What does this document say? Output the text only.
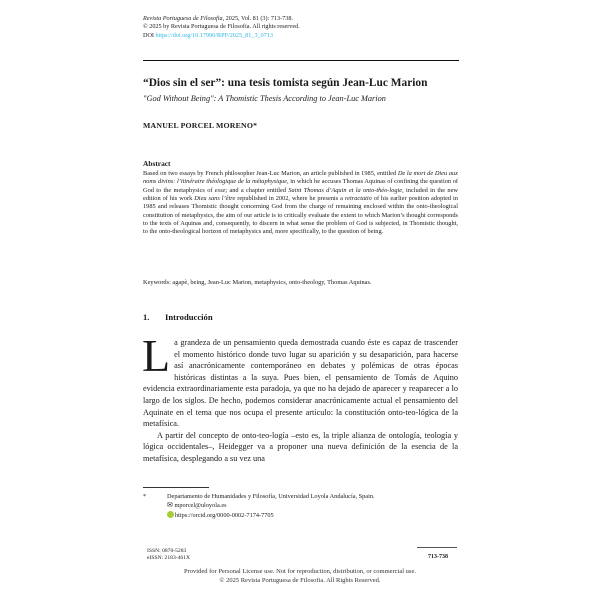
Revista Portuguesa de Filosofia, 2025, Vol. 81 (3): 713-738.
© 2025 by Revista Portuguesa de Filosofia. All rights reserved.
DOI https://doi.org/10.17990/RPF/2025_81_3_0713
“Dios sin el ser”: una tesis tomista según Jean-Luc Marion
"God Without Being": A Thomistic Thesis According to Jean-Luc Marion
MANUEL PORCEL MORENO*
Abstract
Based on two essays by French philosopher Jean-Luc Marion, an article published in 1985, entitled De la mort de Dieu aux noms divins: l’itinéraire théologique de la métaphysique, in which he accuses Thomas Aquinas of confining the question of God to the metaphysics of esse; and a chapter entitled Saint Thomas d’Aquin et la onto-théo-logie, included in the new edition of his work Dieu sans l’être republished in 2002, where he presents a retractatio of his earlier position adopted in 1985 and releases Thomistic thought concerning God from the charge of remaining enclosed within the onto-theological constitution of metaphysics, the aim of our article is to critically evaluate the extent to which Marion’s thought corresponds to the texts of Aquinas and, consequently, to discern in what sense the problem of God is subjected, in Thomistic thought, to the onto-theological horizon of metaphysics and, more specifically, to the question of being.
Keywords: agapè, being, Jean-Luc Marion, metaphysics, onto-theology, Thomas Aquinas.
1. Introducción

La grandeza de un pensamiento queda demostrada cuando éste es capaz de trascender el momento histórico donde tuvo lugar su aparición y su desaparición, para hacerse así anacrónicamente contemporáneo en debates y polémicas de otras épocas históricas distintas a la suya. Pues bien, el pensamiento de Tomás de Aquino evidencia extraordinariamente esta paradoja, ya que no ha dejado de aparecer y reaparecer a lo largo de los siglos. De hecho, podemos considerar anacrónicamente actual el pensamiento del Aquinate en el tema que nos ocupa el presente artículo: la constitución onto-teo-lógica de la metafísica.

A partir del concepto de onto-teo-logía –esto es, la triple alianza de ontología, teología y lógica occidentales–, Heidegger va a proponer una nueva definición de la esencia de la metafísica, desplegando a su vez una

*	Departamento de Humanidades y Filosofía, Universidad Loyola Andalucía, Spain.
✉ mporcel@uloyola.es
https://orcid.org/0000-0002-7174-7705
ISSN: 0870-5283
eISSN: 2183-461X	713-738
Provided for Personal License use. Not for reproduction, distribution, or commercial use.
© 2025 Revista Portuguesa de Filosofia. All Rights Reserved.
